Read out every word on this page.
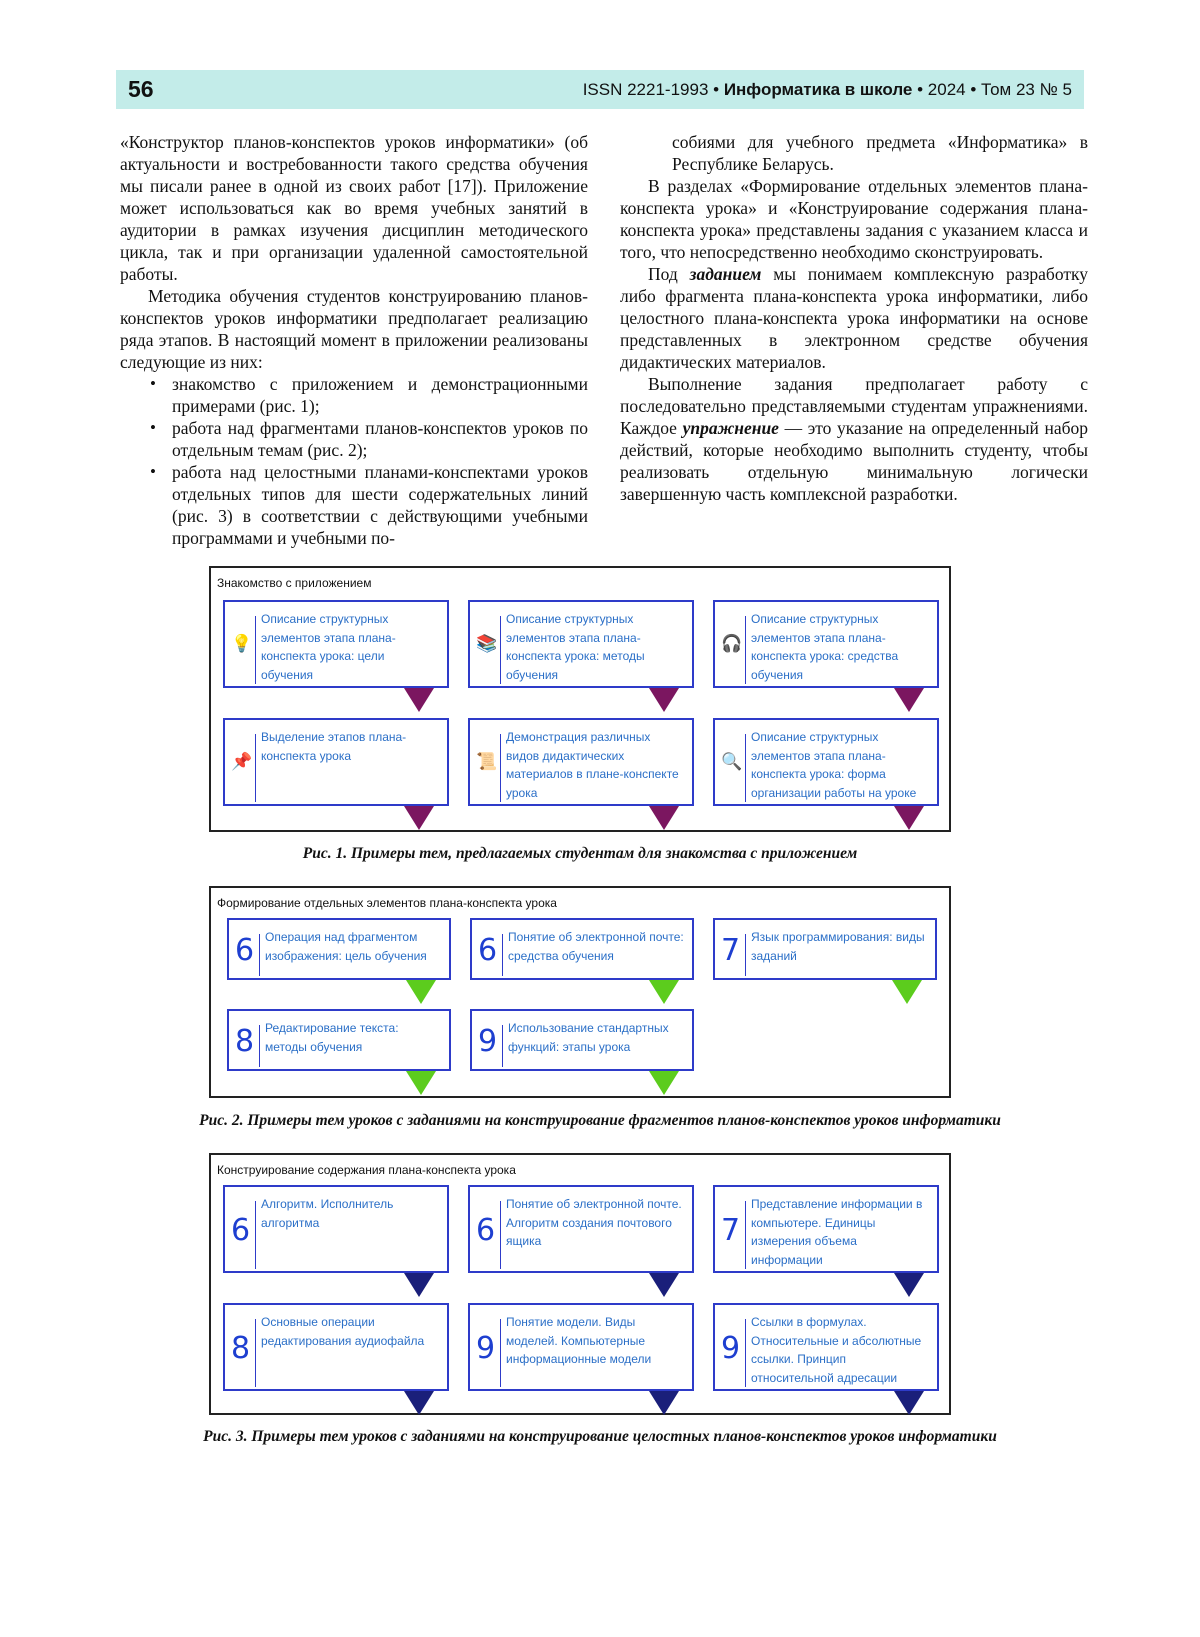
56	ISSN 2221-1993 • Информатика в школе • 2024 • Том 23 № 5

«Конструктор планов-конспектов уроков информатики» (об актуальности и востребованности такого средства обучения мы писали ранее в одной из своих работ [17]). Приложение может использоваться как во время учебных занятий в аудитории в рамках изучения дисциплин методического цикла, так и при организации удаленной самостоятельной работы.

Методика обучения студентов конструированию планов-конспектов уроков информатики предполагает реализацию ряда этапов. В настоящий момент в приложении реализованы следующие из них:

• знакомство с приложением и демонстрационными примерами (рис. 1);
• работа над фрагментами планов-конспектов уроков по отдельным темам (рис. 2);
• работа над целостными планами-конспектами уроков отдельных типов для шести содержательных линий (рис. 3) в соответствии с действующими учебными программами и учебными по-

собиями для учебного предмета «Информатика» в Республике Беларусь.

В разделах «Формирование отдельных элементов плана-конспекта урока» и «Конструирование содержания плана-конспекта урока» представлены задания с указанием класса и того, что непосредственно необходимо сконструировать.

Под заданием мы понимаем комплексную разработку либо фрагмента плана-конспекта урока информатики, либо целостного плана-конспекта урока информатики на основе представленных в электронном средстве обучения дидактических материалов.

Выполнение задания предполагает работу с последовательно представляемыми студентам упражнениями. Каждое упражнение — это указание на определенный набор действий, которые необходимо выполнить студенту, чтобы реализовать отдельную минимальную логически завершенную часть комплексной разработки.

Знакомство с приложением
💡
Описание структурных элементов этапа плана-конспекта урока: цели обучения
📚
Описание структурных элементов этапа плана-конспекта урока: методы обучения
🎧
Описание структурных элементов этапа плана-конспекта урока: средства обучения
📌
Выделение этапов плана-конспекта урока	📜
Демонстрация различных видов дидактических материалов в плане-конспекте урока
🔍
Описание структурных элементов этапа плана-конспекта урока: форма организации работы на уроке
Рис. 1. Примеры тем, предлагаемых студентам для знакомства с приложением
Формирование отдельных элементов плана-конспекта урока
6 Операция над фрагментом изображения: цель обучения	6 Понятие об электронной почте: средства обучения	7 Язык программирования: виды заданий
8 Редактирование текста: методы обучения	9 Использование стандартных функций: этапы урока
Рис. 2. Примеры тем уроков с заданиями на конструирование фрагментов планов-конспектов уроков информатики
Конструирование содержания плана-конспекта урока
6
Алгоритм. Исполнитель алгоритма	6
Понятие об электронной почте. Алгоритм создания почтового ящика	7
Представление информации в компьютере. Единицы измерения объема информации
8
Основные операции редактирования аудиофайла	9
Понятие модели. Виды моделей. Компьютерные информационные модели	9
Ссылки в формулах. Относительные и абсолютные ссылки. Принцип относительной адресации
Рис. 3. Примеры тем уроков с заданиями на конструирование целостных планов-конспектов уроков информатики
